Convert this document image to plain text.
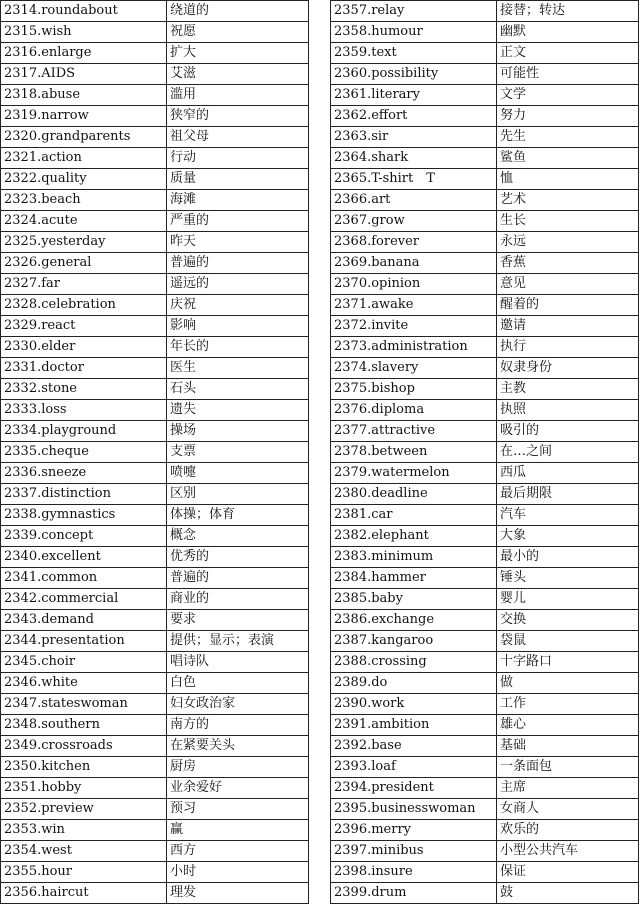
2314.roundabout	绕道的
2315.wish	祝愿
2316.enlarge	扩大
2317.AIDS	艾滋
2318.abuse	滥用
2319.narrow	狭窄的
2320.grandparents	祖父母
2321.action	行动
2322.quality	质量
2323.beach	海滩
2324.acute	严重的
2325.yesterday	昨天
2326.general	普遍的
2327.far	遥远的
2328.celebration	庆祝
2329.react	影响
2330.elder	年长的
2331.doctor	医生
2332.stone	石头
2333.loss	遗失
2334.playground	操场
2335.cheque	支票
2336.sneeze	喷嚏
2337.distinction	区别
2338.gymnastics	体操；体育
2339.concept	概念
2340.excellent	优秀的
2341.common	普遍的
2342.commercial	商业的
2343.demand	要求
2344.presentation	提供；显示；表演
2345.choir	唱诗队
2346.white	白色
2347.stateswoman	妇女政治家
2348.southern	南方的
2349.crossroads	在紧要关头
2350.kitchen	厨房
2351.hobby	业余爱好
2352.preview	预习
2353.win	赢
2354.west	西方
2355.hour	小时
2356.haircut	理发
2357.relay	接替；转达
2358.humour	幽默
2359.text	正文
2360.possibility	可能性
2361.literary	文学
2362.effort	努力
2363.sir	先生
2364.shark	鲨鱼
2365.T-shirt　T	恤
2366.art	艺术
2367.grow	生长
2368.forever	永远
2369.banana	香蕉
2370.opinion	意见
2371.awake	醒着的
2372.invite	邀请
2373.administration	执行
2374.slavery	奴隶身份
2375.bishop	主教
2376.diploma	执照
2377.attractive	吸引的
2378.between	在…之间
2379.watermelon	西瓜
2380.deadline	最后期限
2381.car	汽车
2382.elephant	大象
2383.minimum	最小的
2384.hammer	锤头
2385.baby	婴儿
2386.exchange	交换
2387.kangaroo	袋鼠
2388.crossing	十字路口
2389.do	做
2390.work	工作
2391.ambition	雄心
2392.base	基础
2393.loaf	一条面包
2394.president	主席
2395.businesswoman	女商人
2396.merry	欢乐的
2397.minibus	小型公共汽车
2398.insure	保证
2399.drum	鼓
